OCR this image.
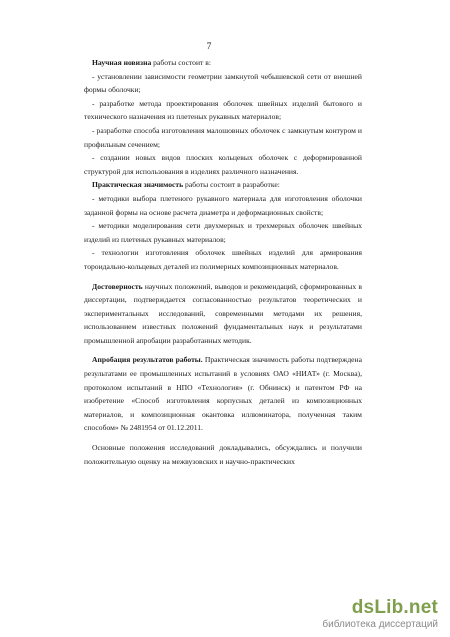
7

Научная новизна работы состоит в:

- установлении зависимости геометрии замкнутой чебышевской сети от внешней формы оболочки;

- разработке метода проектирования оболочек швейных изделий бытового и технического назначения из плетеных рукавных материалов;

- разработке способа изготовления малошовных оболочек с замкнутым контуром и профильным сечением;

- создании новых видов плоских кольцевых оболочек с деформированной структурой для использования в изделиях различного назначения.

Практическая значимость работы состоит в разработке:

- методики выбора плетеного рукавного материала для изготовления оболочки заданной формы на основе расчета диаметра и деформационных свойств;

- методики моделирования сети двухмерных и трехмерных оболочек швейных изделий из плетеных рукавных материалов;

- технологии изготовления оболочек швейных изделий для армирования тороидально-кольцевых деталей из полимерных композиционных материалов.

Достоверность научных положений, выводов и рекомендаций, сформированных в диссертации, подтверждается согласованностью результатов теоретических и экспериментальных исследований, современными методами их решения, использованием известных положений фундаментальных наук и результатами промышленной апробации разработанных методик.

Апробация результатов работы. Практическая значимость работы подтверждена результатами ее промышленных испытаний в условиях ОАО «НИАТ» (г. Москва), протоколом испытаний в НПО «Технология» (г. Обнинск) и патентом РФ на изобретение «Способ изготовления корпусных деталей из композиционных материалов, и композиционная окантовка иллюминатора, полученная таким способом» № 2481954 от 01.12.2011.

Основные положения исследований докладывались, обсуждались и получили положительную оценку на межвузовских и научно-практических

dsLib.net
библиотека диссертаций
